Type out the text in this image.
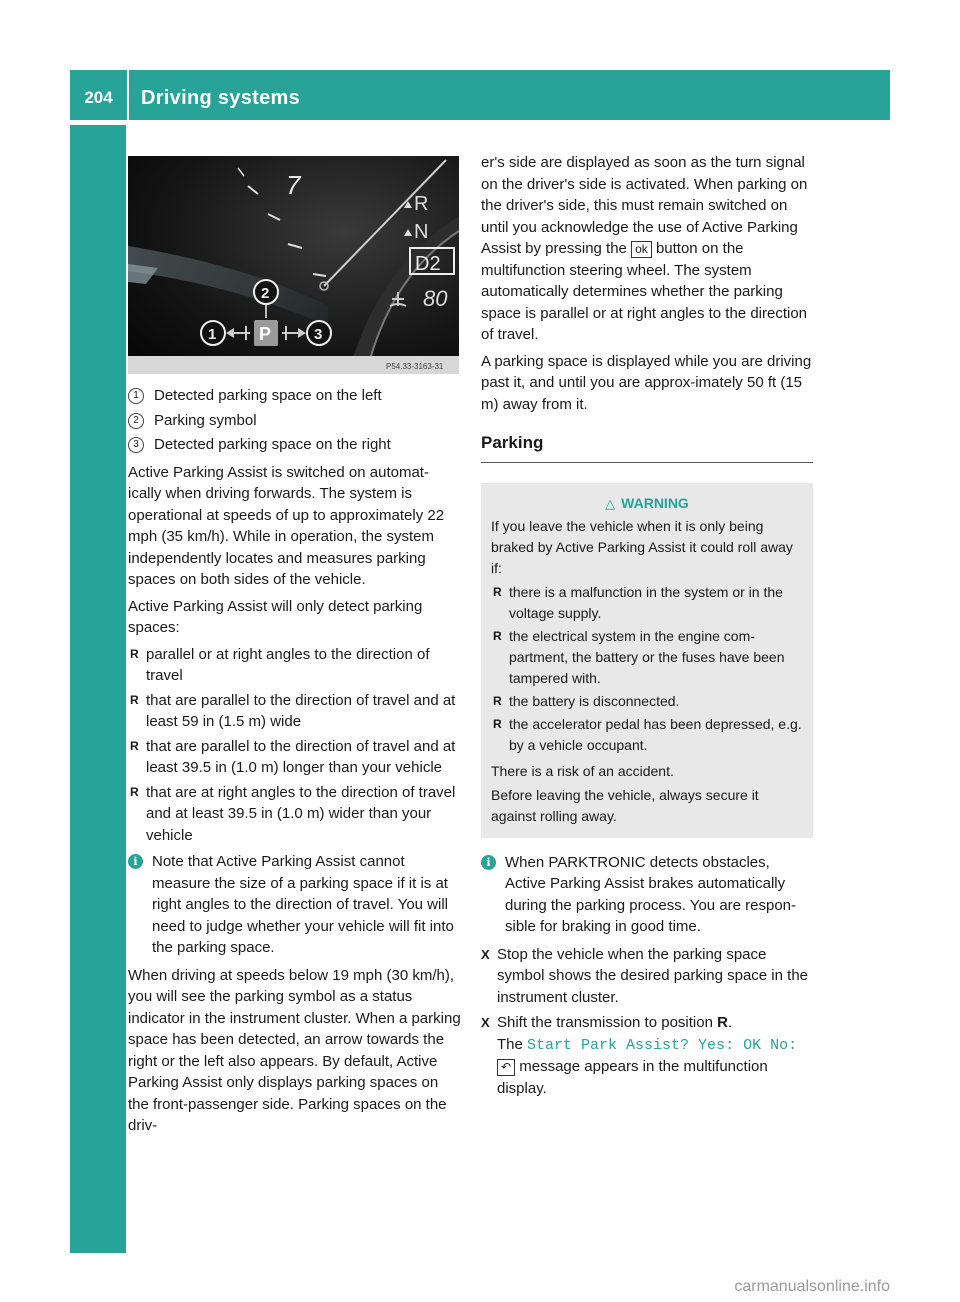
204	Driving systems
Driving and parking
7
R
N
D2
80
2
P
1	3
P54.33-3163-31
1	Detected parking space on the left
2	Parking symbol
3	Detected parking space on the right

Active Parking Assist is switched on automat-ically when driving forwards. The system is operational at speeds of up to approximately 22 mph (35 km/h). While in operation, the system independently locates and measures parking spaces on both sides of the vehicle.

Active Parking Assist will only detect parking spaces:

R parallel or at right angles to the direction of travel
R that are parallel to the direction of travel and at least 59 in (1.5 m) wide
R that are parallel to the direction of travel and at least 39.5 in (1.0 m) longer than your vehicle
R that are at right angles to the direction of travel and at least 39.5 in (1.0 m) wider than your vehicle
i Note that Active Parking Assist cannot measure the size of a parking space if it is at right angles to the direction of travel. You will need to judge whether your vehicle will fit into the parking space.

When driving at speeds below 19 mph (30 km/h), you will see the parking symbol as a status indicator in the instrument cluster. When a parking space has been detected, an arrow towards the right or the left also appears. By default, Active Parking Assist only displays parking spaces on the front-passenger side. Parking spaces on the driv-

er's side are displayed as soon as the turn signal on the driver's side is activated. When parking on the driver's side, this must remain switched on until you acknowledge the use of Active Parking Assist by pressing the ok button on the multifunction steering wheel. The system automatically determines whether the parking space is parallel or at right angles to the direction of travel.

A parking space is displayed while you are driving past it, and until you are approx-imately 50 ft (15 m) away from it.

Parking
△ WARNING

If you leave the vehicle when it is only being braked by Active Parking Assist it could roll away if:

R there is a malfunction in the system or in the voltage supply.
R the electrical system in the engine com-partment, the battery or the fuses have been tampered with.
R the battery is disconnected.
R the accelerator pedal has been depressed, e.g. by a vehicle occupant.

There is a risk of an accident.

Before leaving the vehicle, always secure it against rolling away.

i When PARKTRONIC detects obstacles, Active Parking Assist brakes automatically during the parking process. You are respon-sible for braking in good time.
X Stop the vehicle when the parking space symbol shows the desired parking space in the instrument cluster.
X Shift the transmission to position R.
The Start Park Assist? Yes: OK No:
↶ message appears in the multifunction display.
carmanualsonline.info
